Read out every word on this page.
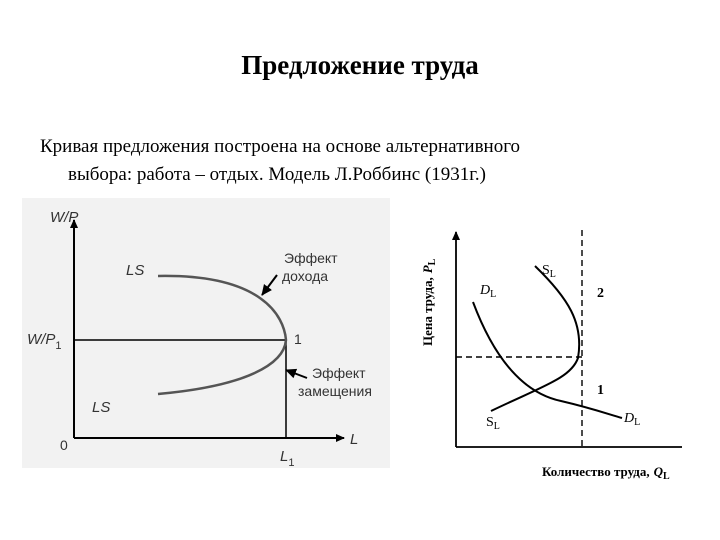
Предложение труда
Кривая предложения построена на основе альтернативного
выбора: работа – отдых. Модель Л.Роббинс (1931г.)
W/P
L
0
$W/P_1$
$L_1$
1
LS
LS
Эффект
дохода
Эффект
замещения
Цена $труда,P_L$
Количество труда, $Q_L$
$S_L$
$S_L$
$D_L$
$D_L$
2
1
